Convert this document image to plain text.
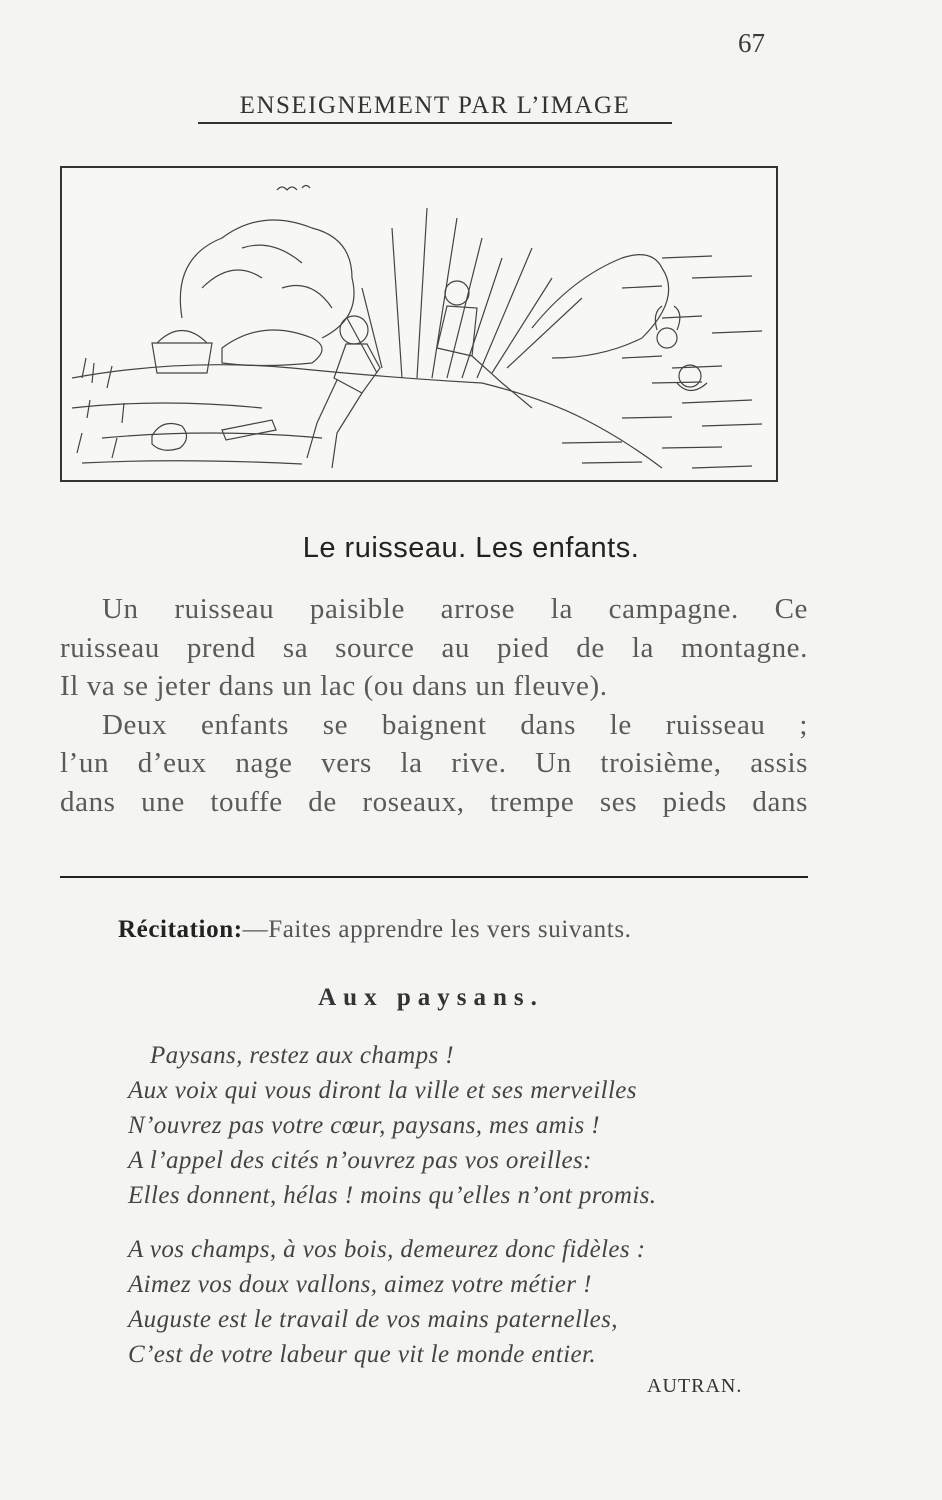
67
ENSEIGNEMENT PAR L’IMAGE
Le ruisseau. Les enfants.
Un ruisseau paisible arrose la campagne. Ce
ruisseau prend sa source au pied de la montagne.
Il va se jeter dans un lac (ou dans un fleuve).
Deux enfants se baignent dans le ruisseau ;
l’un d’eux nage vers la rive. Un troisième, assis
dans une touffe de roseaux, trempe ses pieds dans
Récitation:—Faites apprendre les vers suivants.
Aux paysans.
Paysans, restez aux champs !
Aux voix qui vous diront la ville et ses merveilles
N’ouvrez pas votre cœur, paysans, mes amis !
A l’appel des cités n’ouvrez pas vos oreilles:
Elles donnent, hélas ! moins qu’elles n’ont promis.
A vos champs, à vos bois, demeurez donc fidèles :
Aimez vos doux vallons, aimez votre métier !
Auguste est le travail de vos mains paternelles,
C’est de votre labeur que vit le monde entier.
AUTRAN.
